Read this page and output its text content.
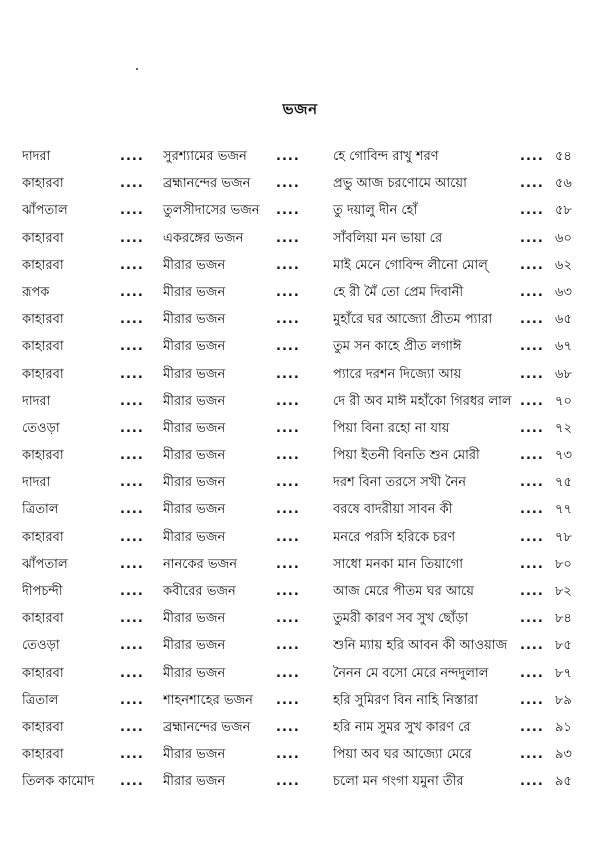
ভজন
দাদরা	.... সুরশ্যামের ভজন	....	হে গোবিন্দ রাখু শরণ	.... ৫৪
কাহারবা	.... ব্রহ্মানন্দের ভজন	....	প্রভু আজ চরণোমে আয়ো	.... ৫৬
ঝাঁপতাল	.... তুলসীদাসের ভজন	....	তু দয়ালু দীন হোঁ	.... ৫৮
কাহারবা	.... একরঙ্গের ভজন	....	সাঁবলিয়া মন ভায়া রে	.... ৬০
কাহারবা	.... মীরার ভজন	....	মাই মেনে গোবিন্দ লীনো মোল্	.... ৬২
রূপক	.... মীরার ভজন	....	হে রী মৈঁ তো প্রেম দিবানী	.... ৬৩
কাহারবা	.... মীরার ভজন	....	মুহাঁরে ঘর আজ্যো প্রীতম প্যারা	.... ৬৫
কাহারবা	.... মীরার ভজন	....	তুম সন কাহে প্রীত লগাঈ	.... ৬৭
কাহারবা	.... মীরার ভজন	....	প্যারে দরশন দিজ্যো আয়	.... ৬৮
দাদরা	.... মীরার ভজন	....	দে রী অব মাঈ মহাঁকো গিরধর লাল .... ৭০
তেওড়া	.... মীরার ভজন	....	পিয়া বিনা রহো না যায়	.... ৭২
কাহারবা	.... মীরার ভজন	....	পিয়া ইতনী বিনতি শুন মোরী	.... ৭৩
দাদরা	.... মীরার ভজন	....	দরশ বিনা তরসে সখী নৈন	.... ৭৫
ত্রিতাল	.... মীরার ভজন	....	বরষে বাদরীয়া সাবন কী	.... ৭৭
কাহারবা	.... মীরার ভজন	....	মনরে পরসি হরিকে চরণ	.... ৭৮
ঝাঁপতাল	.... নানকের ভজন	....	সাধো মনকা মান তিয়াগো	.... ৮০
দীপচন্দী	.... কবীরের ভজন	....	আজ মেরে পীতম ঘর আয়ে	.... ৮২
কাহারবা	.... মীরার ভজন	....	তুমরী কারণ সব সুখ ছোঁড়া	.... ৮৪
তেওড়া	.... মীরার ভজন	....	শুনি ম্যায় হরি আবন কী আওয়াজ .... ৮৫
কাহারবা	.... মীরার ভজন	....	নৈনন মে বসো মেরে নন্দদুলাল	.... ৮৭
ত্রিতাল	.... শাহনশাহের ভজন	....	হরি সুমিরণ বিন নাহি নিস্তারা	.... ৮৯
কাহারবা	.... ব্রহ্মানন্দের ভজন	....	হরি নাম সুমর সুখ কারণ রে	.... ৯১
কাহারবা	.... মীরার ভজন	....	পিয়া অব ঘর আজ্যো মেরে	.... ৯৩
তিলক কামোদ	.... মীরার ভজন	....	চলো মন গংগা যমুনা তীর	.... ৯৫
